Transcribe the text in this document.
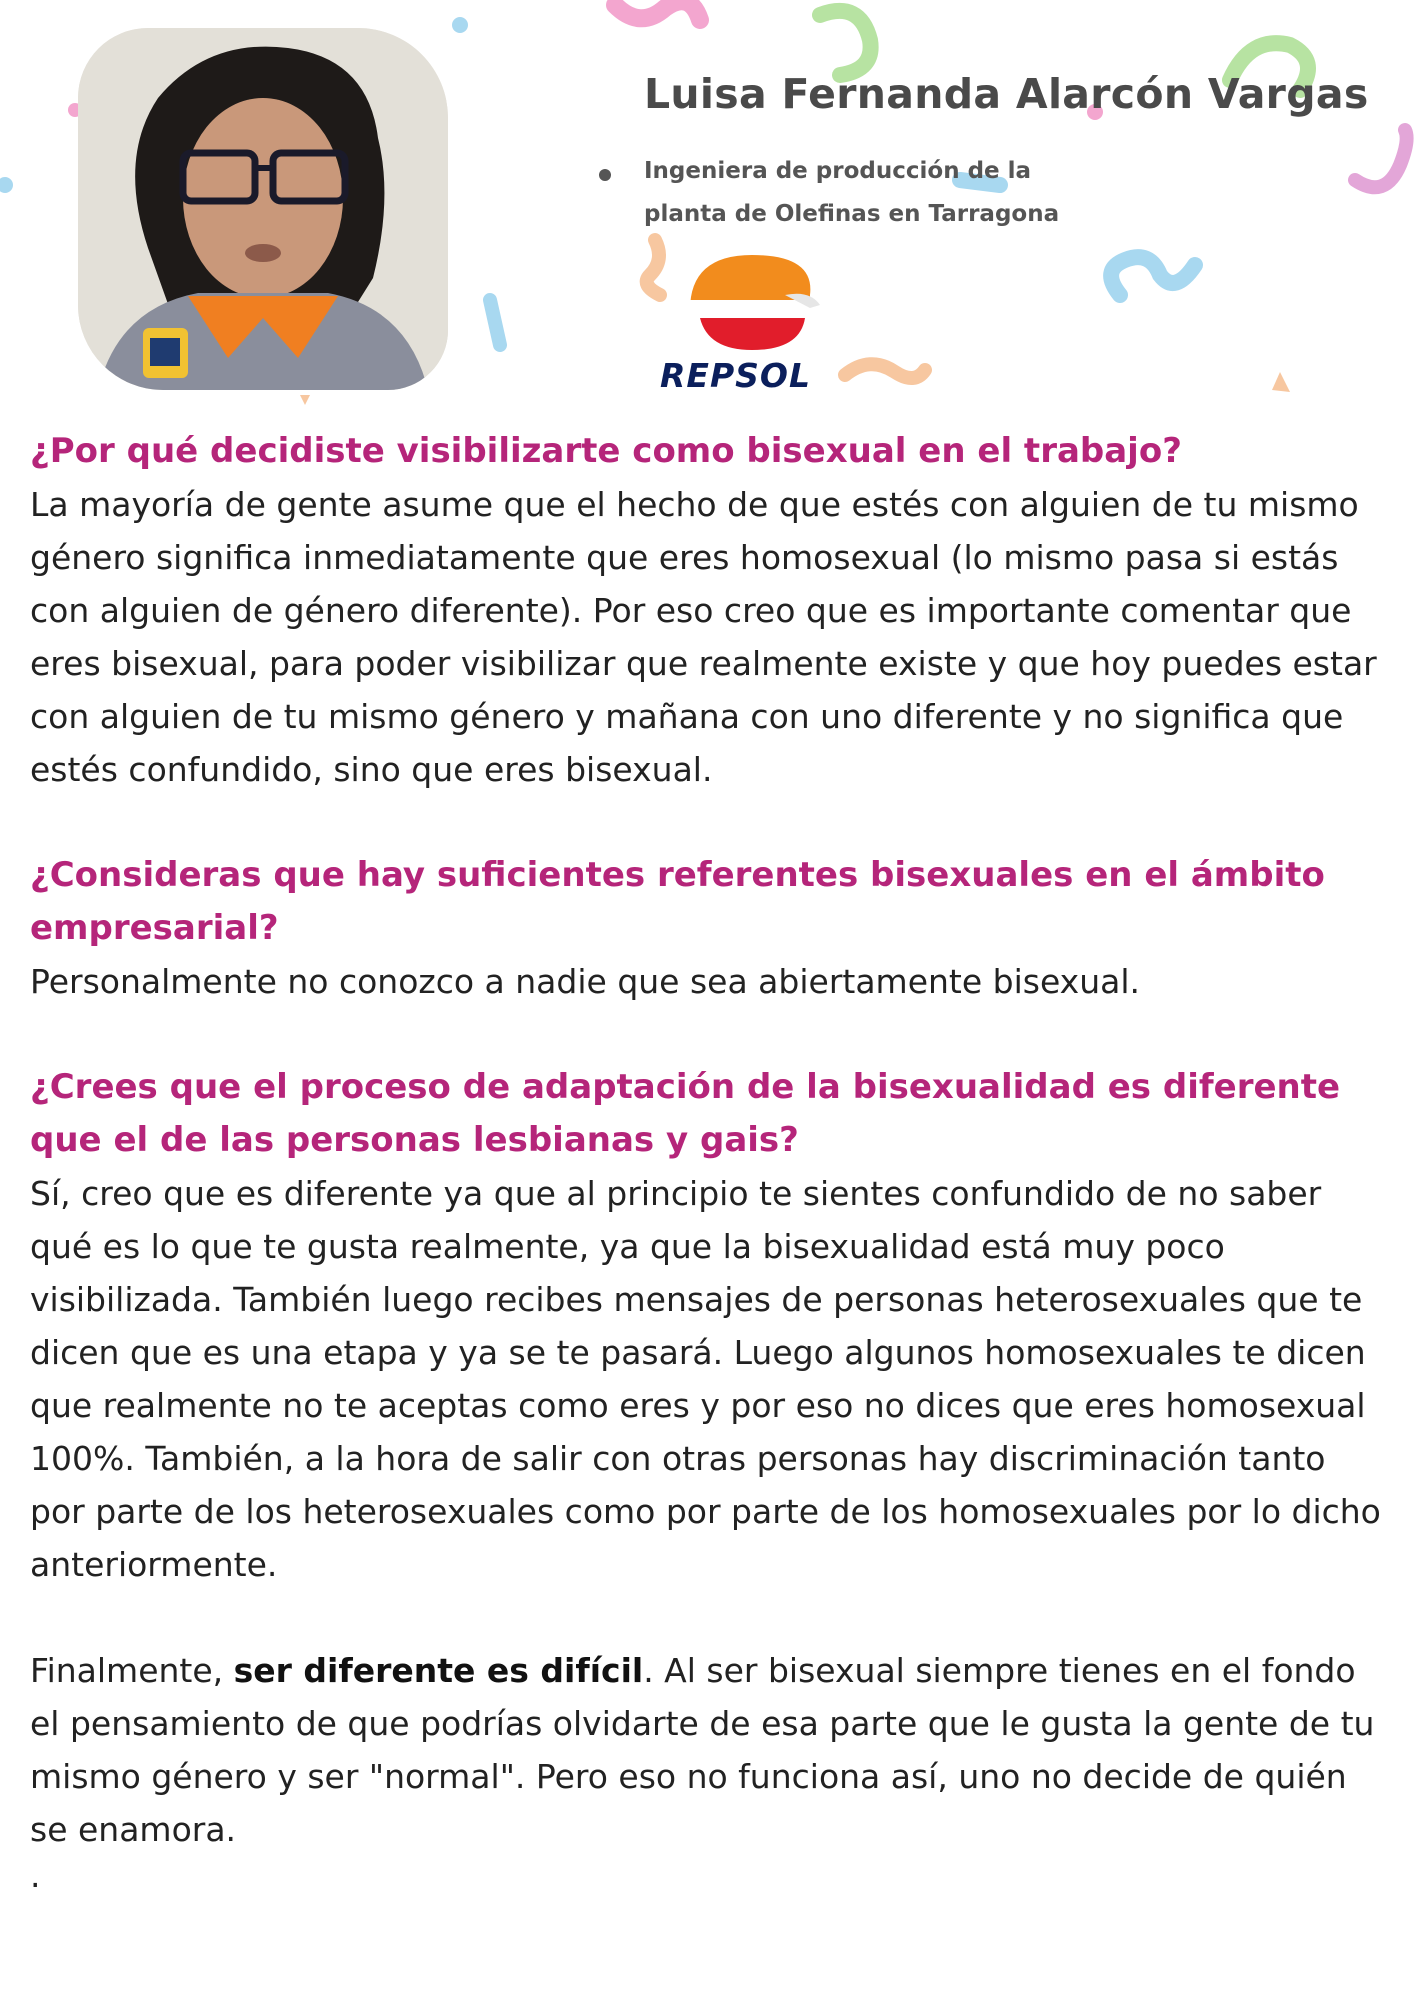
Luisa Fernanda Alarcón Vargas
Ingeniera de producción de la
planta de Olefinas en Tarragona
REPSOL

¿Por qué decidiste visibilizarte como bisexual en el trabajo?

La mayoría de gente asume que el hecho de que estés con alguien de tu mismo género significa inmediatamente que eres homosexual (lo mismo pasa si estás con alguien de género diferente). Por eso creo que es importante comentar que eres bisexual, para poder visibilizar que realmente existe y que hoy puedes estar con alguien de tu mismo género y mañana con uno diferente y no significa que estés confundido, sino que eres bisexual.

¿Consideras que hay suficientes referentes bisexuales en el ámbito empresarial?

Personalmente no conozco a nadie que sea abiertamente bisexual.

¿Crees que el proceso de adaptación de la bisexualidad es diferente que el de las personas lesbianas y gais?

Sí, creo que es diferente ya que al principio te sientes confundido de no saber qué es lo que te gusta realmente, ya que la bisexualidad está muy poco visibilizada. También luego recibes mensajes de personas heterosexuales que te dicen que es una etapa y ya se te pasará. Luego algunos homosexuales te dicen que realmente no te aceptas como eres y por eso no dices que eres homosexual 100%. También, a la hora de salir con otras personas hay discriminación tanto por parte de los heterosexuales como por parte de los homosexuales por lo dicho anteriormente.

Finalmente, ser diferente es difícil. Al ser bisexual siempre tienes en el fondo el pensamiento de que podrías olvidarte de esa parte que le gusta la gente de tu mismo género y ser "normal". Pero eso no funciona así, uno no decide de quién se enamora.

.
